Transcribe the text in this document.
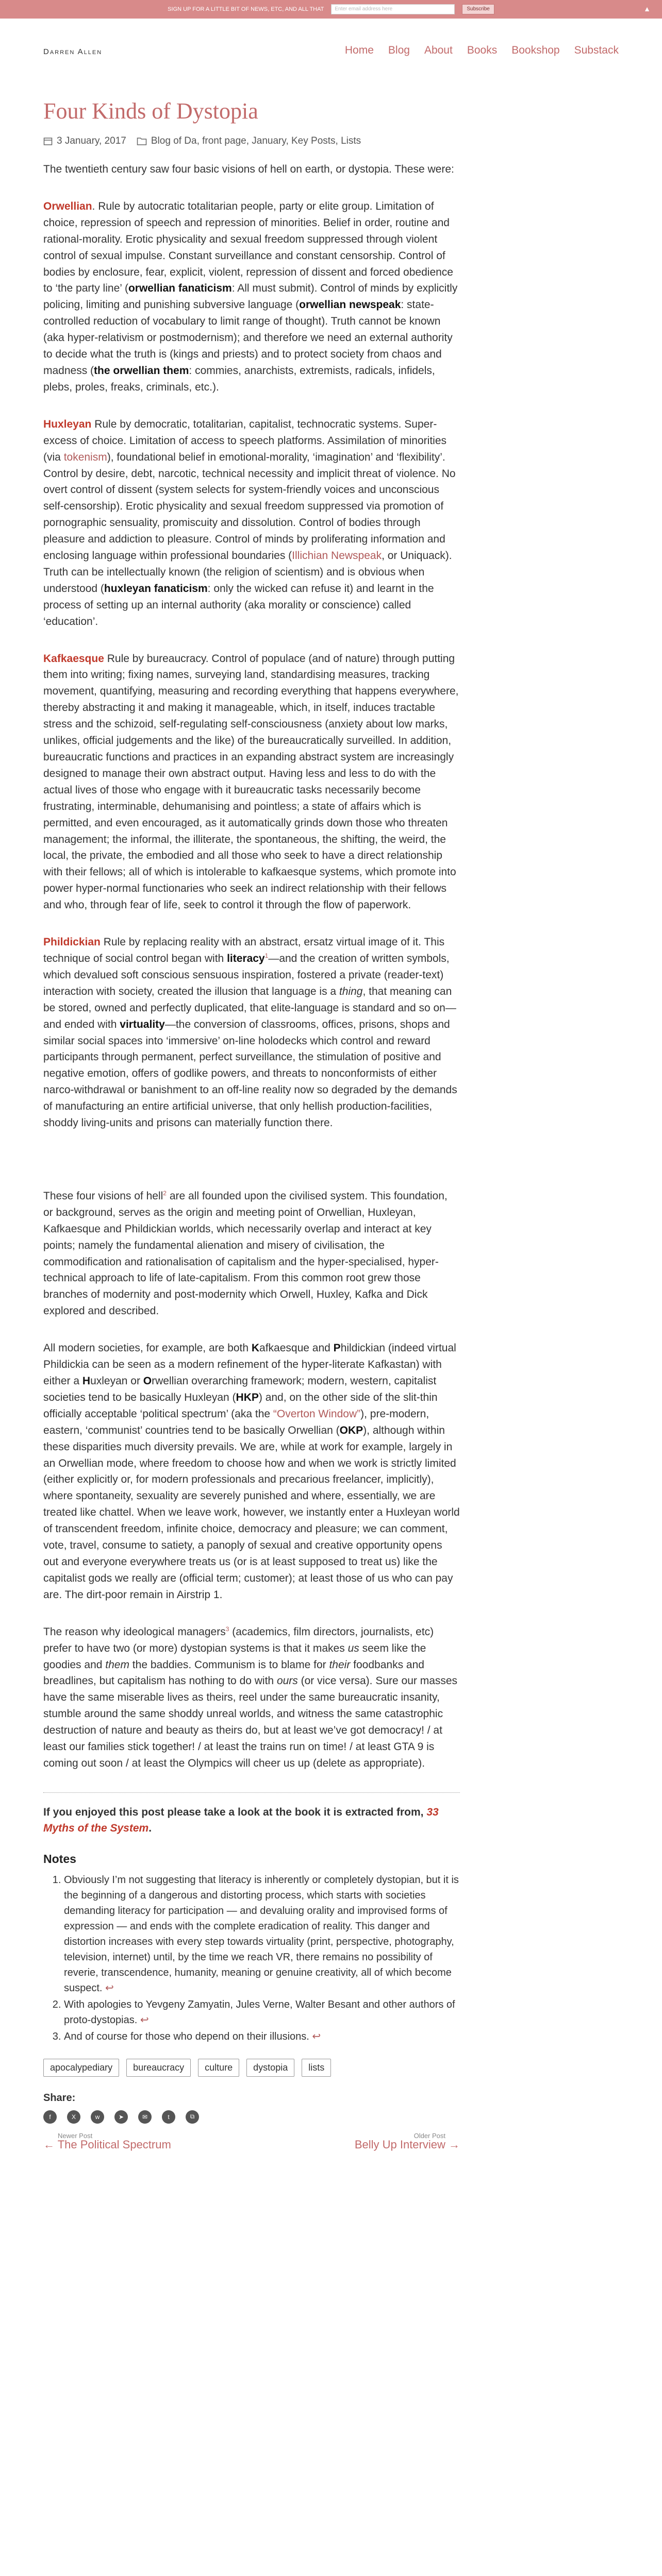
SIGN UP FOR A LITTLE BIT OF NEWS, ETC, AND ALL THAT	Enter email address here	Subscribe	▲
Darren Allen	Home Blog About Books Bookshop Substack
Four Kinds of Dystopia
3 January, 2017	Blog of Da, front page, January, Key Posts, Lists

The twentieth century saw four basic visions of hell on earth, or dystopia. These were:

Orwellian. Rule by autocratic totalitarian people, party or elite group. Limitation of choice, repression of speech and repression of minorities. Belief in order, routine and rational-morality. Erotic physicality and sexual freedom suppressed through violent control of sexual impulse. Constant surveillance and constant censorship. Control of bodies by enclosure, fear, explicit, violent, repression of dissent and forced obedience to ‘the party line’ (orwellian fanaticism: All must submit). Control of minds by explicitly policing, limiting and punishing subversive language (orwellian newspeak: state-controlled reduction of vocabulary to limit range of thought). Truth cannot be known (aka hyper-relativism or postmodernism); and therefore we need an external authority to decide what the truth is (kings and priests) and to protect society from chaos and madness (the orwellian them: commies, anarchists, extremists, radicals, infidels, plebs, proles, freaks, criminals, etc.).

Huxleyan Rule by democratic, totalitarian, capitalist, technocratic systems. Super-excess of choice. Limitation of access to speech platforms. Assimilation of minorities (via tokenism), foundational belief in emotional-morality, ‘imagination’ and ‘flexibility’. Control by desire, debt, narcotic, technical necessity and implicit threat of violence. No overt control of dissent (system selects for system-friendly voices and unconscious self-censorship). Erotic physicality and sexual freedom suppressed via promotion of pornographic sensuality, promiscuity and dissolution. Control of bodies through pleasure and addiction to pleasure. Control of minds by proliferating information and enclosing language within professional boundaries (Illichian Newspeak, or Uniquack). Truth can be intellectually known (the religion of scientism) and is obvious when understood (huxleyan fanaticism: only the wicked can refuse it) and learnt in the process of setting up an internal authority (aka morality or conscience) called ‘education’.

Kafkaesque Rule by bureaucracy. Control of populace (and of nature) through putting them into writing; fixing names, surveying land, standardising measures, tracking movement, quantifying, measuring and recording everything that happens everywhere, thereby abstracting it and making it manageable, which, in itself, induces tractable stress and the schizoid, self-regulating self-consciousness (anxiety about low marks, unlikes, official judgements and the like) of the bureaucratically surveilled. In addition, bureaucratic functions and practices in an expanding abstract system are increasingly designed to manage their own abstract output. Having less and less to do with the actual lives of those who engage with it bureaucratic tasks necessarily become frustrating, interminable, dehumanising and pointless; a state of affairs which is permitted, and even encouraged, as it automatically grinds down those who threaten management; the informal, the illiterate, the spontaneous, the shifting, the weird, the local, the private, the embodied and all those who seek to have a direct relationship with their fellows; all of which is intolerable to kafkaesque systems, which promote into power hyper-normal functionaries who seek an indirect relationship with their fellows and who, through fear of life, seek to control it through the flow of paperwork.

Phildickian Rule by replacing reality with an abstract, ersatz virtual image of it. This technique of social control began with literacy$^1$—and the creation of written symbols, which devalued soft conscious sensuous inspiration, fostered a private (reader-text) interaction with society, created the illusion that language is a thing, that meaning can be stored, owned and perfectly duplicated, that elite-language is standard and so on—and ended with virtuality—the conversion of classrooms, offices, prisons, shops and similar social spaces into ‘immersive’ on-line holodecks which control and reward participants through permanent, perfect surveillance, the stimulation of positive and negative emotion, offers of godlike powers, and threats to nonconformists of either narco-withdrawal or banishment to an off-line reality now so degraded by the demands of manufacturing an entire artificial universe, that only hellish production-facilities, shoddy living-units and prisons can materially function there.

These four visions of hell$^2$ are all founded upon the civilised system. This foundation, or background, serves as the origin and meeting point of Orwellian, Huxleyan, Kafkaesque and Phildickian worlds, which necessarily overlap and interact at key points; namely the fundamental alienation and misery of civilisation, the commodification and rationalisation of capitalism and the hyper-specialised, hyper-technical approach to life of late-capitalism. From this common root grew those branches of modernity and post-modernity which Orwell, Huxley, Kafka and Dick explored and described.

All modern societies, for example, are both Kafkaesque and Phildickian (indeed virtual Phildickia can be seen as a modern refinement of the hyper-literate Kafkastan) with either a Huxleyan or Orwellian overarching framework; modern, western, capitalist societies tend to be basically Huxleyan (HKP) and, on the other side of the slit-thin officially acceptable ‘political spectrum’ (aka the “Overton Window”), pre-modern, eastern, ‘communist’ countries tend to be basically Orwellian (OKP), although within these disparities much diversity prevails. We are, while at work for example, largely in an Orwellian mode, where freedom to choose how and when we work is strictly limited (either explicitly or, for modern professionals and precarious freelancer, implicitly), where spontaneity, sexuality are severely punished and where, essentially, we are treated like chattel. When we leave work, however, we instantly enter a Huxleyan world of transcendent freedom, infinite choice, democracy and pleasure; we can comment, vote, travel, consume to satiety, a panoply of sexual and creative opportunity opens out and everyone everywhere treats us (or is at least supposed to treat us) like the capitalist gods we really are (official term; customer); at least those of us who can pay are. The dirt-poor remain in Airstrip 1.

The reason why ideological managers$^3$ (academics, film directors, journalists, etc) prefer to have two (or more) dystopian systems is that it makes us seem like the goodies and them the baddies. Communism is to blame for their foodbanks and breadlines, but capitalism has nothing to do with ours (or vice versa). Sure our masses have the same miserable lives as theirs, reel under the same bureaucratic insanity, stumble around the same shoddy unreal worlds, and witness the same catastrophic destruction of nature and beauty as theirs do, but at least we’ve got democracy! / at least our families stick together! / at least the trains run on time! / at least GTA 9 is coming out soon / at least the Olympics will cheer us up (delete as appropriate).

If you enjoyed this post please take a look at the book it is extracted from, 33 Myths of the System.
Notes
1. Obviously I’m not suggesting that literacy is inherently or completely dystopian, but it is the beginning of a dangerous and distorting process, which starts with societies demanding literacy for participation — and devaluing orality and improvised forms of expression — and ends with the complete eradication of reality. This danger and distortion increases with every step towards virtuality (print, perspective, photography, television, internet) until, by the time we reach VR, there remains no possibility of reverie, transcendence, humanity, meaning or genuine creativity, all of which become suspect. ↩
2. With apologies to Yevgeny Zamyatin, Jules Verne, Walter Besant and other authors of proto-dystopias. ↩
3. And of course for those who depend on their illusions. ↩
apocalypediary	bureaucracy	culture	dystopia	lists
Share:
f	X	w	➤	✉	t	⧉
Newer Post
← The Political Spectrum
Older Post
Belly Up Interview →
